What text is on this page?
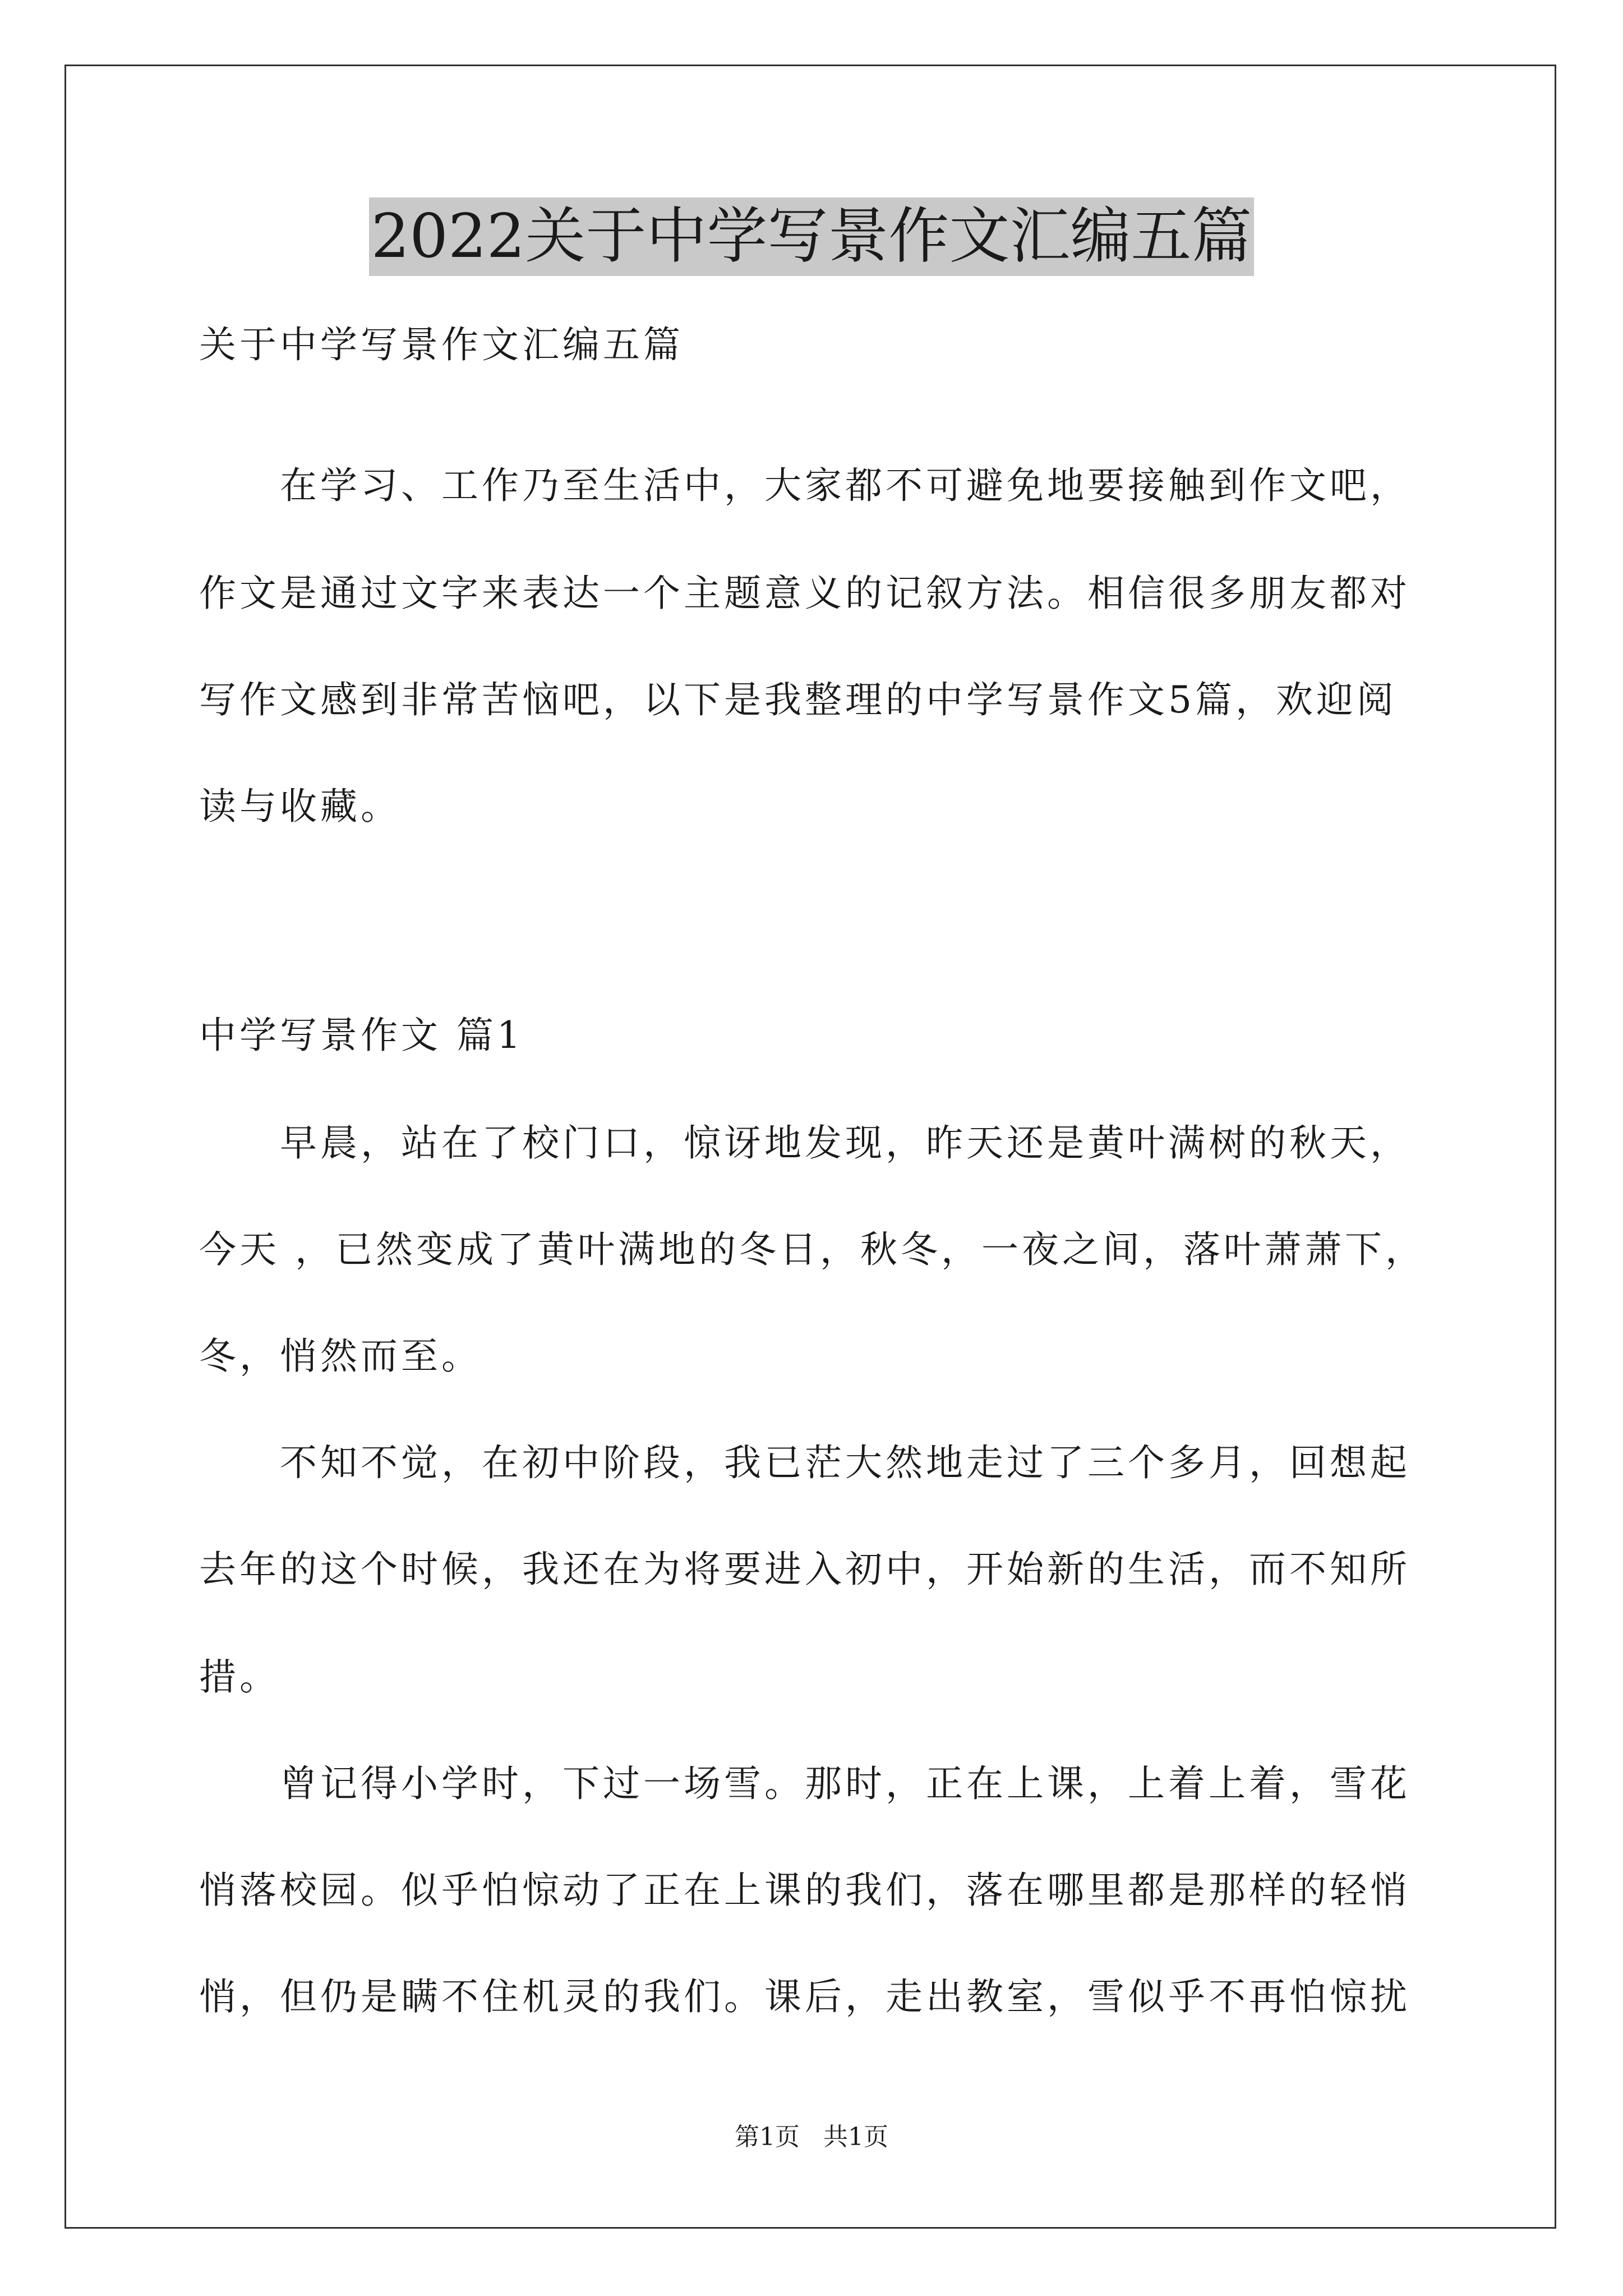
2022关于中学写景作文汇编五篇
关于中学写景作文汇编五篇
　　在学习、工作乃至生活中，大家都不可避免地要接触到作文吧，
作文是通过文字来表达一个主题意义的记叙方法。相信很多朋友都对
写作文感到非常苦恼吧，以下是我整理的中学写景作文5篇，欢迎阅
读与收藏。
中学写景作文 篇1
　　早晨，站在了校门口，惊讶地发现，昨天还是黄叶满树的秋天，
今天 ，已然变成了黄叶满地的冬日，秋冬，一夜之间，落叶萧萧下，
冬，悄然而至。
　　不知不觉，在初中阶段，我已茫大然地走过了三个多月，回想起
去年的这个时候，我还在为将要进入初中，开始新的生活，而不知所
措。
　　曾记得小学时，下过一场雪。那时，正在上课，上着上着，雪花
悄落校园。似乎怕惊动了正在上课的我们，落在哪里都是那样的轻悄
悄，但仍是瞒不住机灵的我们。课后，走出教室，雪似乎不再怕惊扰
第1页 共1页
